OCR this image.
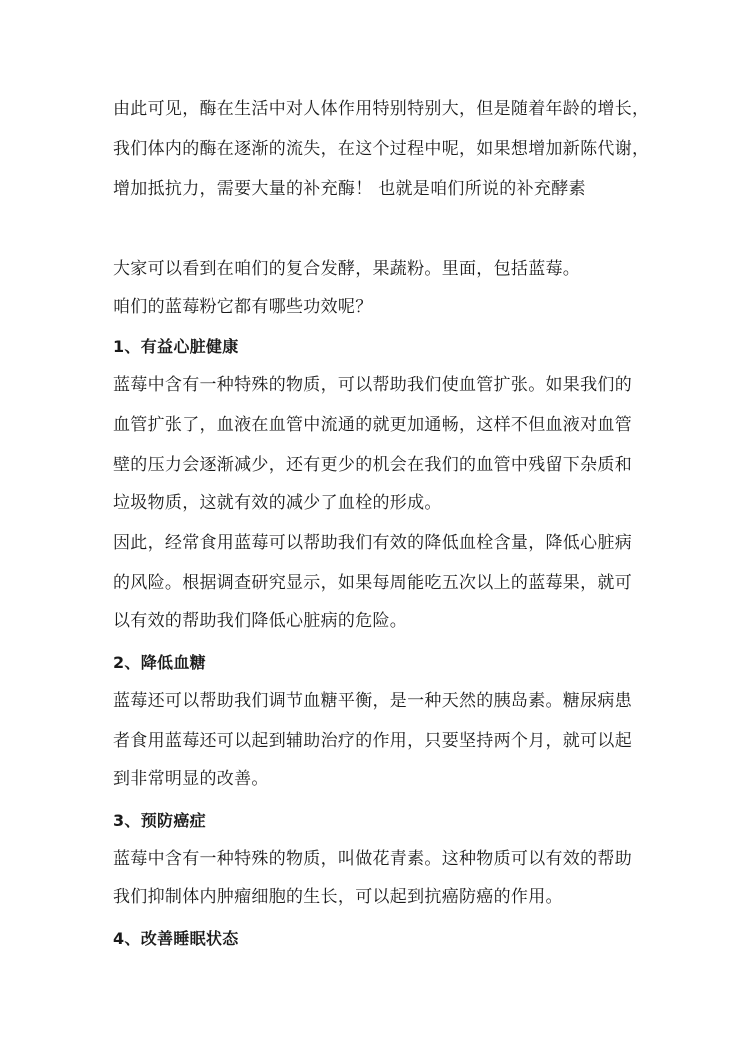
由此可见，酶在生活中对人体作用特别特别大，但是随着年龄的增长，
我们体内的酶在逐渐的流失，在这个过程中呢，如果想增加新陈代谢，
增加抵抗力，需要大量的补充酶！ 也就是咱们所说的补充酵素
大家可以看到在咱们的复合发酵，果蔬粉。里面，包括蓝莓。
咱们的蓝莓粉它都有哪些功效呢？
1、有益心脏健康
蓝莓中含有一种特殊的物质，可以帮助我们使血管扩张。如果我们的
血管扩张了，血液在血管中流通的就更加通畅，这样不但血液对血管
壁的压力会逐渐减少，还有更少的机会在我们的血管中残留下杂质和
垃圾物质，这就有效的减少了血栓的形成。
因此，经常食用蓝莓可以帮助我们有效的降低血栓含量，降低心脏病
的风险。根据调查研究显示，如果每周能吃五次以上的蓝莓果，就可
以有效的帮助我们降低心脏病的危险。
2、降低血糖
蓝莓还可以帮助我们调节血糖平衡，是一种天然的胰岛素。糖尿病患
者食用蓝莓还可以起到辅助治疗的作用，只要坚持两个月，就可以起
到非常明显的改善。
3、预防癌症
蓝莓中含有一种特殊的物质，叫做花青素。这种物质可以有效的帮助
我们抑制体内肿瘤细胞的生长，可以起到抗癌防癌的作用。
4、改善睡眠状态
